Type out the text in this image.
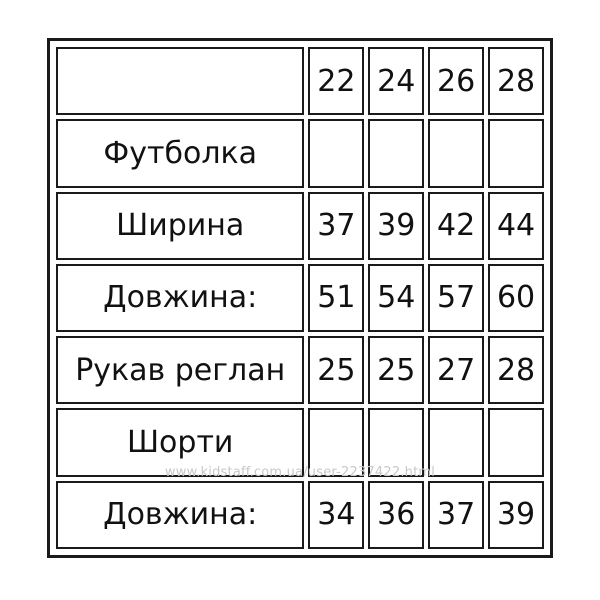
	22	24	26	28
Футболка				
Ширина	37	39	42	44
Довжина:	51	54	57	60
Рукав реглан	25	25	27	28
Шорти				
Довжина:	34	36	37	39
www.kidstaff.com.ua/user-2237422.html
